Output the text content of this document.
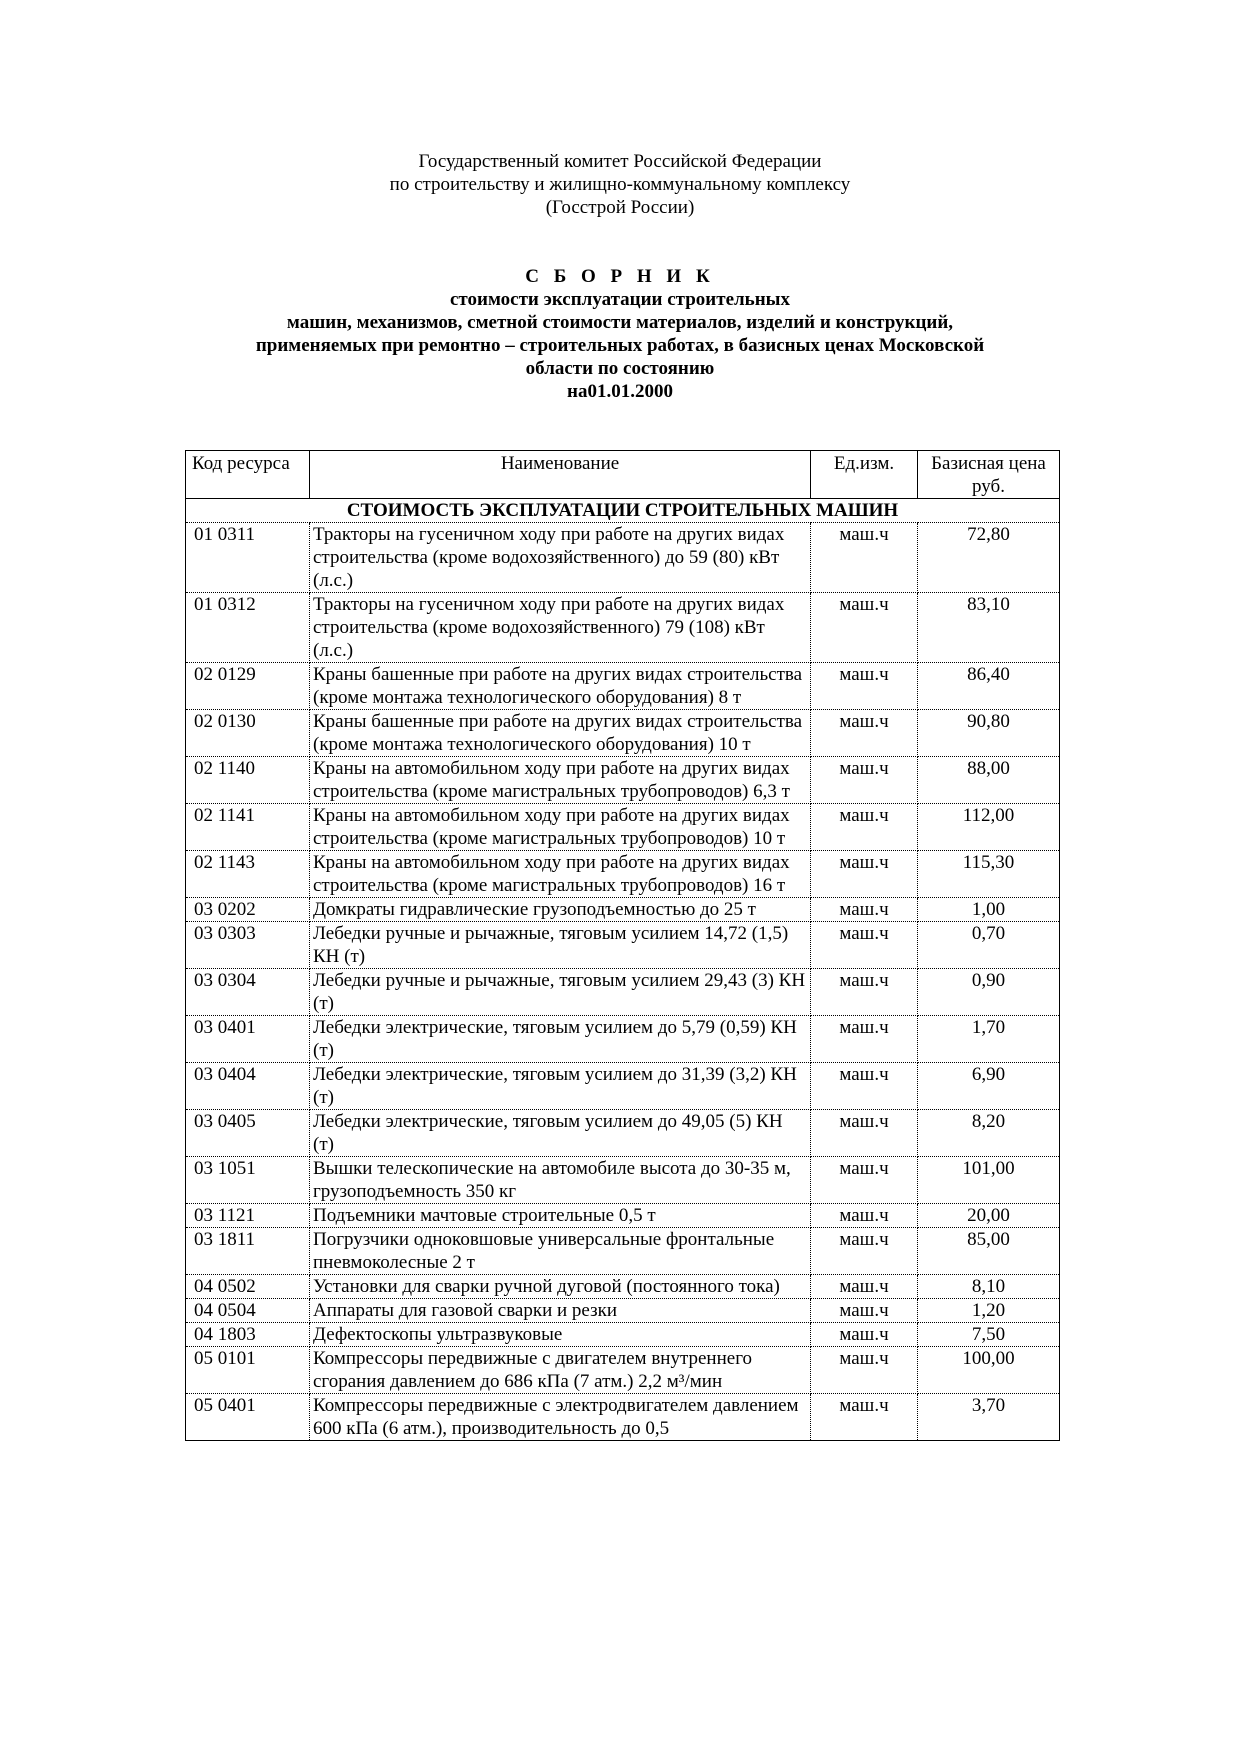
Государственный комитет Российской Федерации
по строительству и жилищно-коммунальному комплексу
(Госстрой России)
С Б О Р Н И К
стоимости эксплуатации строительных
машин, механизмов, сметной стоимости материалов, изделий и конструкций,
применяемых при ремонтно – строительных работах, в базисных ценах Московской
области по состоянию
на01.01.2000
Код ресурса	Наименование	Ед.изм.	Базисная цена руб.
СТОИМОСТЬ ЭКСПЛУАТАЦИИ СТРОИТЕЛЬНЫХ МАШИН			
01 0311	Тракторы на гусеничном ходу при работе на других видах строительства (кроме водохозяйственного) до 59 (80) кВт (л.с.)	маш.ч	72,80
01 0312	Тракторы на гусеничном ходу при работе на других видах строительства (кроме водохозяйственного) 79 (108) кВт (л.с.)	маш.ч	83,10
02 0129	Краны башенные при работе на других видах строительства (кроме монтажа технологического оборудования) 8 т	маш.ч	86,40
02 0130	Краны башенные при работе на других видах строительства (кроме монтажа технологического оборудования) 10 т	маш.ч	90,80
02 1140	Краны на автомобильном ходу при работе на других видах строительства (кроме магистральных трубопроводов) 6,3 т	маш.ч	88,00
02 1141	Краны на автомобильном ходу при работе на других видах строительства (кроме магистральных трубопроводов) 10 т	маш.ч	112,00
02 1143	Краны на автомобильном ходу при работе на других видах строительства (кроме магистральных трубопроводов) 16 т	маш.ч	115,30
03 0202	Домкраты гидравлические грузоподъемностью до 25 т	маш.ч	1,00
03 0303	Лебедки ручные и рычажные, тяговым усилием 14,72 (1,5) КН (т)	маш.ч	0,70
03 0304	Лебедки ручные и рычажные, тяговым усилием 29,43 (3) КН (т)	маш.ч	0,90
03 0401	Лебедки электрические, тяговым усилием до 5,79 (0,59) КН (т)	маш.ч	1,70
03 0404	Лебедки электрические, тяговым усилием до 31,39 (3,2) КН (т)	маш.ч	6,90
03 0405	Лебедки электрические, тяговым усилием до 49,05 (5) КН (т)	маш.ч	8,20
03 1051	Вышки телескопические на автомобиле высота до 30-35 м, грузоподъемность 350 кг	маш.ч	101,00
03 1121	Подъемники мачтовые строительные 0,5 т	маш.ч	20,00
03 1811	Погрузчики одноковшовые универсальные фронтальные пневмоколесные 2 т	маш.ч	85,00
04 0502	Установки для сварки ручной дуговой (постоянного тока)	маш.ч	8,10
04 0504	Аппараты для газовой сварки и резки	маш.ч	1,20
04 1803	Дефектоскопы ультразвуковые	маш.ч	7,50
05 0101	Компрессоры передвижные с двигателем внутреннего сгорания давлением до 686 кПа (7 атм.) 2,2 м³/мин	маш.ч	100,00
05 0401	Компрессоры передвижные с электродвигателем давлением 600 кПа (6 атм.), производительность до 0,5	маш.ч	3,70
